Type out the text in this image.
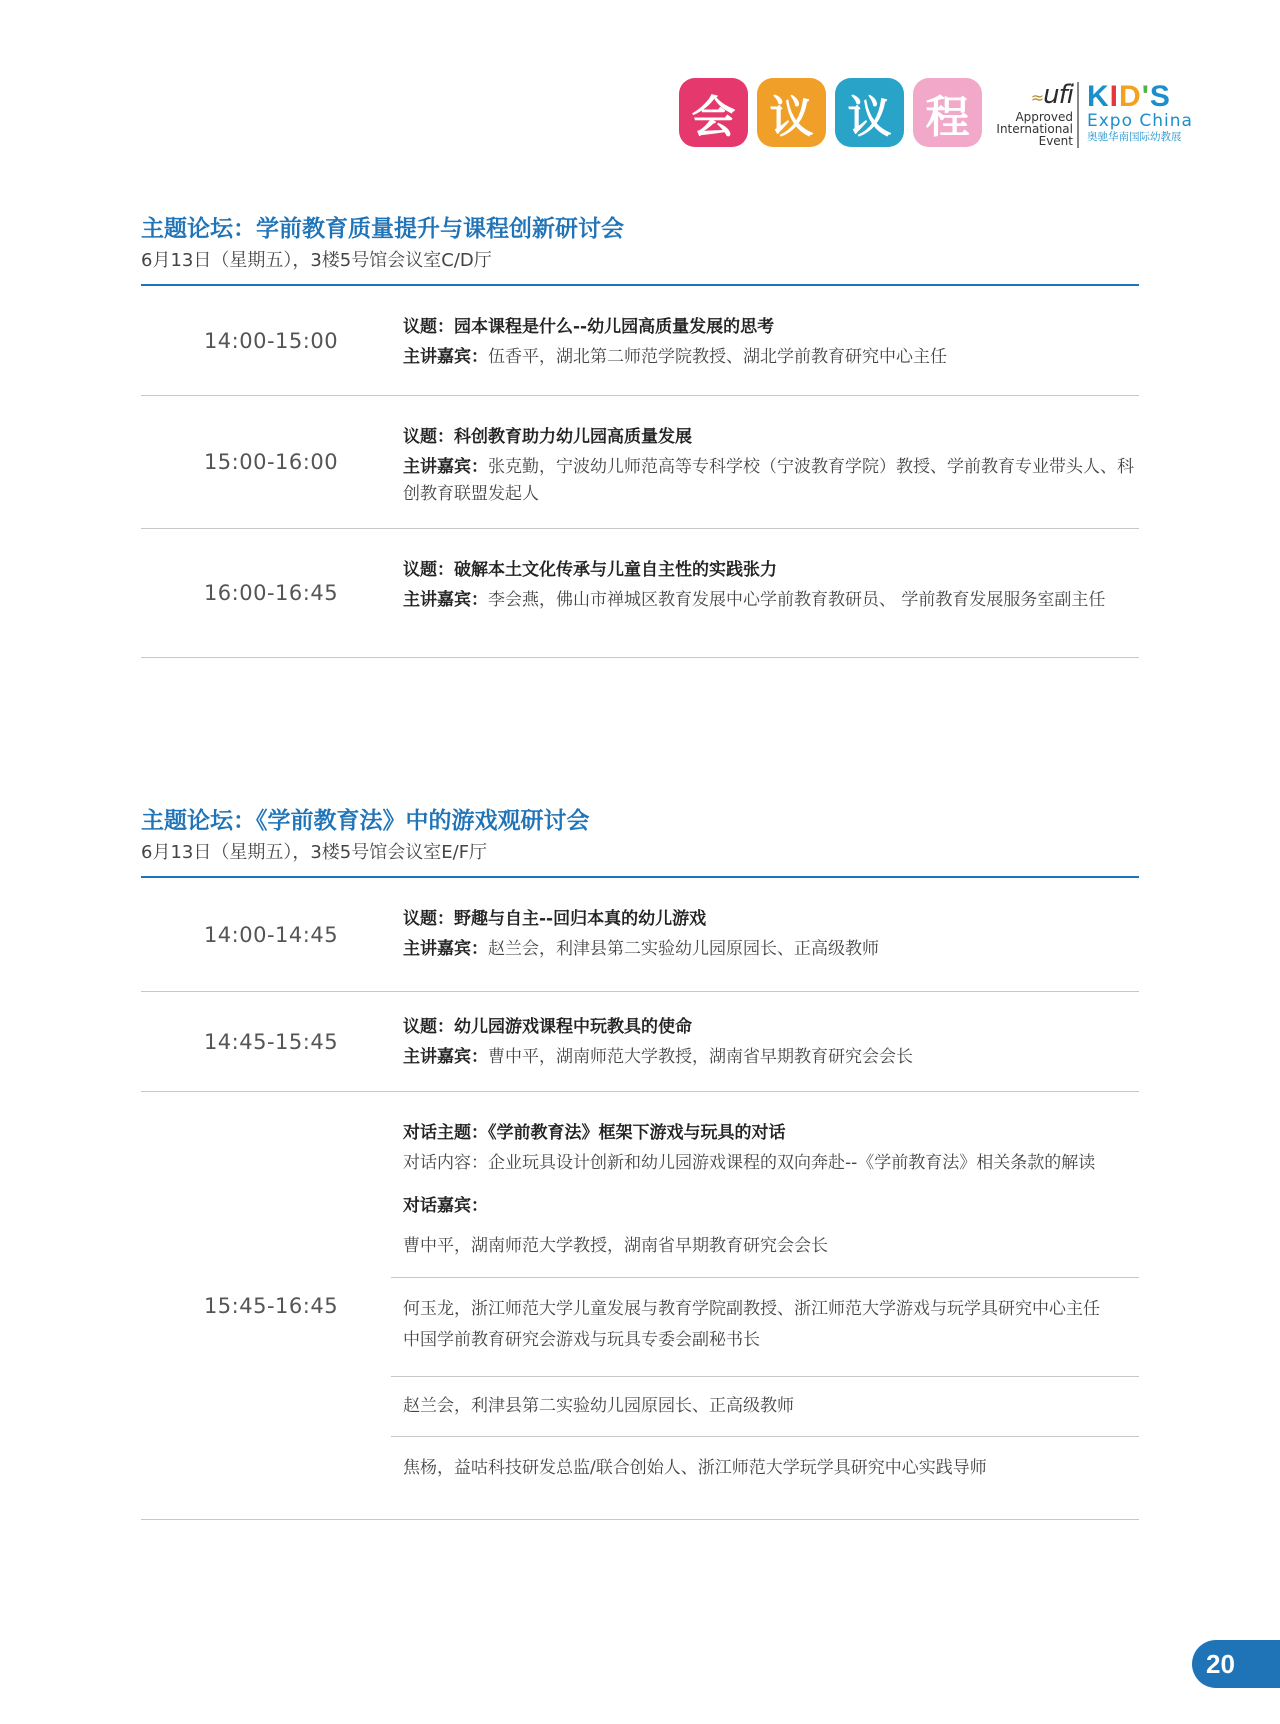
会 议 议 程	≈ufi
Approved
International
Event
KID'S
Expo China
奥驰华南国际幼教展
主题论坛：学前教育质量提升与课程创新研讨会
6月13日（星期五），3楼5号馆会议室C/D厅
14:00-15:00
议题：园本课程是什么--幼儿园高质量发展的思考
主讲嘉宾：伍香平，湖北第二师范学院教授、湖北学前教育研究中心主任
15:00-16:00
议题：科创教育助力幼儿园高质量发展
主讲嘉宾：张克勤，宁波幼儿师范高等专科学校（宁波教育学院）教授、学前教育专业带头人、科创教育联盟发起人
16:00-16:45
议题：破解本土文化传承与儿童自主性的实践张力
主讲嘉宾：李会燕，佛山市禅城区教育发展中心学前教育教研员、 学前教育发展服务室副主任
主题论坛：《学前教育法》中的游戏观研讨会
6月13日（星期五），3楼5号馆会议室E/F厅
14:00-14:45
议题：野趣与自主--回归本真的幼儿游戏
主讲嘉宾：赵兰会，利津县第二实验幼儿园原园长、正高级教师
14:45-15:45
议题：幼儿园游戏课程中玩教具的使命
主讲嘉宾：曹中平，湖南师范大学教授，湖南省早期教育研究会会长
15:45-16:45
对话主题：《学前教育法》框架下游戏与玩具的对话
对话内容：企业玩具设计创新和幼儿园游戏课程的双向奔赴--《学前教育法》相关条款的解读
对话嘉宾：
曹中平，湖南师范大学教授，湖南省早期教育研究会会长
何玉龙，浙江师范大学儿童发展与教育学院副教授、浙江师范大学游戏与玩学具研究中心主任
中国学前教育研究会游戏与玩具专委会副秘书长
赵兰会，利津县第二实验幼儿园原园长、正高级教师
焦杨，益咕科技研发总监/联合创始人、浙江师范大学玩学具研究中心实践导师
20
